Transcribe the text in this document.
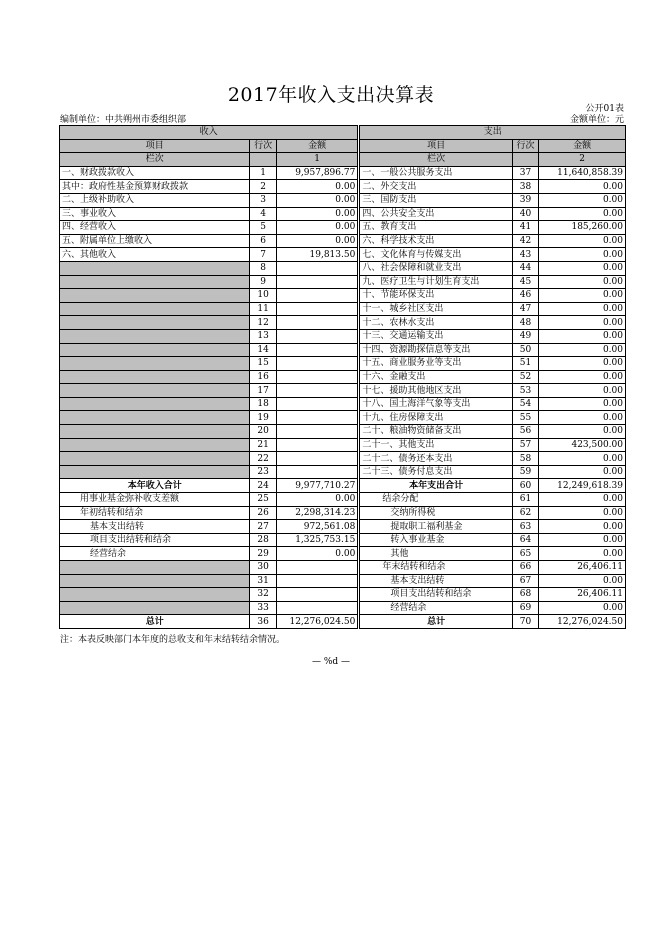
2017年收入支出决算表
公开01表
编制单位：中共朔州市委组织部	金额单位：元
收入				支出		
项目	行次	金额		项目	行次	金额
栏次		1		栏次		2
一、财政拨款收入	1	9,957,896.77		一、一般公共服务支出	37	11,640,858.39
其中：政府性基金预算财政拨款	2	0.00		二、外交支出	38	0.00
二、上级补助收入	3	0.00		三、国防支出	39	0.00
三、事业收入	4	0.00		四、公共安全支出	40	0.00
四、经营收入	5	0.00		五、教育支出	41	185,260.00
五、附属单位上缴收入	6	0.00		六、科学技术支出	42	0.00
六、其他收入	7	19,813.50		七、文化体育与传媒支出	43	0.00
	8			八、社会保障和就业支出	44	0.00
	9			九、医疗卫生与计划生育支出	45	0.00
	10			十、节能环保支出	46	0.00
	11			十一、城乡社区支出	47	0.00
	12			十二、农林水支出	48	0.00
	13			十三、交通运输支出	49	0.00
	14			十四、资源勘探信息等支出	50	0.00
	15			十五、商业服务业等支出	51	0.00
	16			十六、金融支出	52	0.00
	17			十七、援助其他地区支出	53	0.00
	18			十八、国土海洋气象等支出	54	0.00
	19			十九、住房保障支出	55	0.00
	20			二十、粮油物资储备支出	56	0.00
	21			二十一、其他支出	57	423,500.00
	22			二十二、债务还本支出	58	0.00
	23			二十三、债务付息支出	59	0.00
本年收入合计	24	9,977,710.27		本年支出合计	60	12,249,618.39
用事业基金弥补收支差额	25	0.00		结余分配	61	0.00
年初结转和结余	26	2,298,314.23		交纳所得税	62	0.00
基本支出结转	27	972,561.08		提取职工福利基金	63	0.00
项目支出结转和结余	28	1,325,753.15		转入事业基金	64	0.00
经营结余	29	0.00		其他	65	0.00
	30			年末结转和结余	66	26,406.11
	31			基本支出结转	67	0.00
	32			项目支出结转和结余	68	26,406.11
	33			经营结余	69	0.00
总计	36	12,276,024.50		总计	70	12,276,024.50
注：本表反映部门本年度的总收支和年末结转结余情况。
— %d —
